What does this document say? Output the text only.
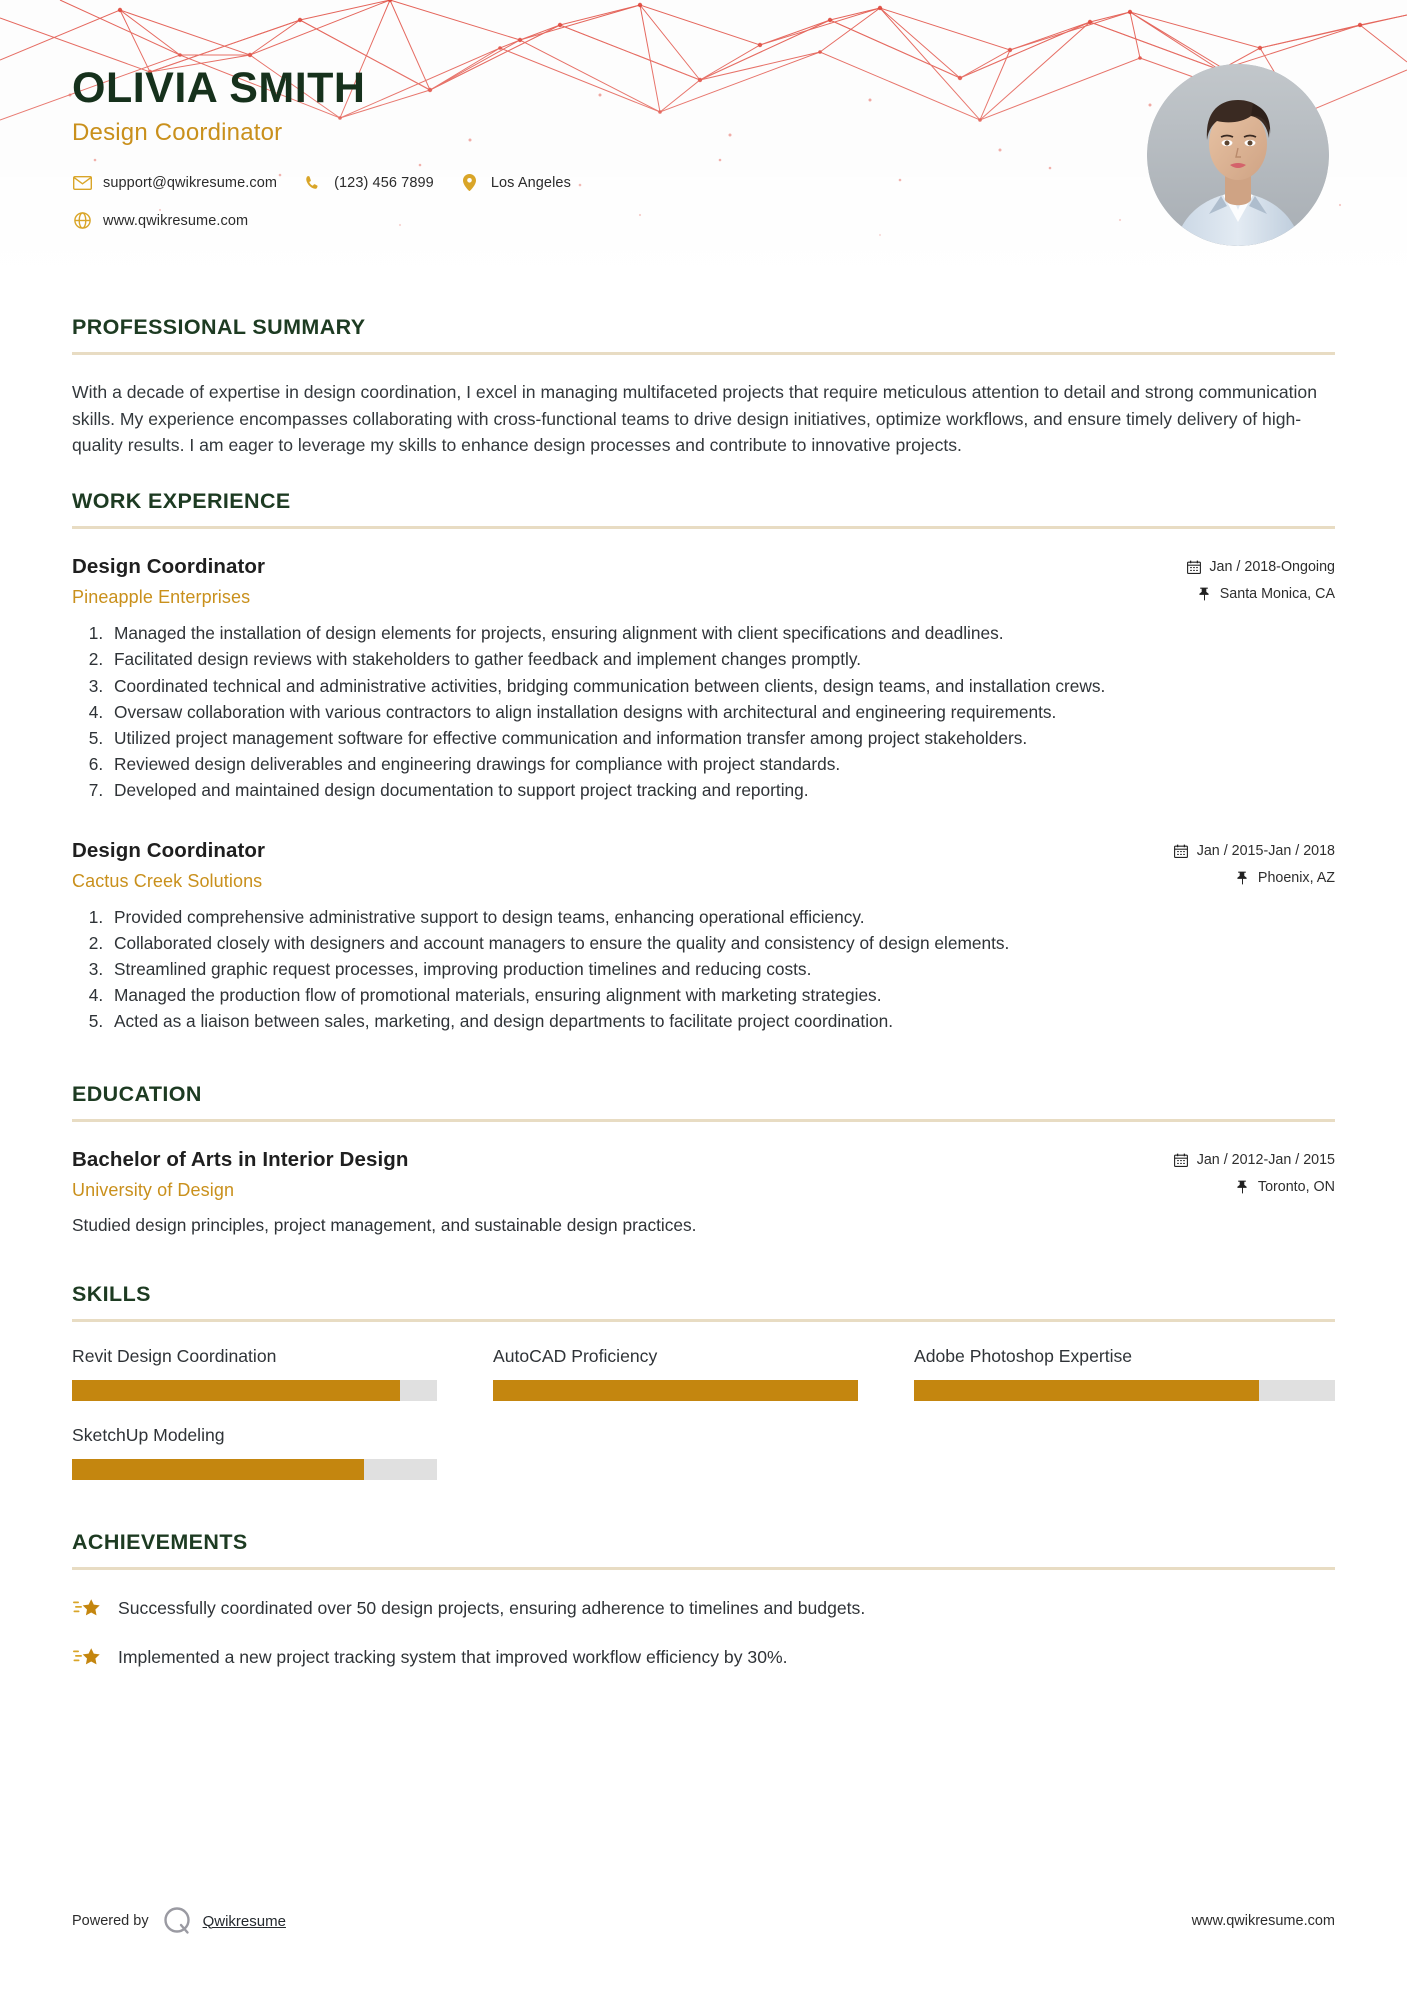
OLIVIA SMITH
Design Coordinator
support@qwikresume.com	(123) 456 7899	Los Angeles
www.qwikresume.com
PROFESSIONAL SUMMARY
With a decade of expertise in design coordination, I excel in managing multifaceted projects that require meticulous attention to detail and strong communication skills. My experience encompasses collaborating with cross-functional teams to drive design initiatives, optimize workflows, and ensure timely delivery of high-quality results. I am eager to leverage my skills to enhance design processes and contribute to innovative projects.
WORK EXPERIENCE
Design Coordinator
Pineapple Enterprises
Jan / 2018-Ongoing
Santa Monica, CA
1. Managed the installation of design elements for projects, ensuring alignment with client specifications and deadlines.
2. Facilitated design reviews with stakeholders to gather feedback and implement changes promptly.
3. Coordinated technical and administrative activities, bridging communication between clients, design teams, and installation crews.
4. Oversaw collaboration with various contractors to align installation designs with architectural and engineering requirements.
5. Utilized project management software for effective communication and information transfer among project stakeholders.
6. Reviewed design deliverables and engineering drawings for compliance with project standards.
7. Developed and maintained design documentation to support project tracking and reporting.
Design Coordinator
Cactus Creek Solutions
Jan / 2015-Jan / 2018
Phoenix, AZ
1. Provided comprehensive administrative support to design teams, enhancing operational efficiency.
2. Collaborated closely with designers and account managers to ensure the quality and consistency of design elements.
3. Streamlined graphic request processes, improving production timelines and reducing costs.
4. Managed the production flow of promotional materials, ensuring alignment with marketing strategies.
5. Acted as a liaison between sales, marketing, and design departments to facilitate project coordination.
EDUCATION
Bachelor of Arts in Interior Design
University of Design
Jan / 2012-Jan / 2015
Toronto, ON
Studied design principles, project management, and sustainable design practices.
SKILLS
Revit Design Coordination	AutoCAD Proficiency	Adobe Photoshop Expertise
SketchUp Modeling
ACHIEVEMENTS
Successfully coordinated over 50 design projects, ensuring adherence to timelines and budgets.
Implemented a new project tracking system that improved workflow efficiency by 30%.
Powered by	Qwikresume	www.qwikresume.com
